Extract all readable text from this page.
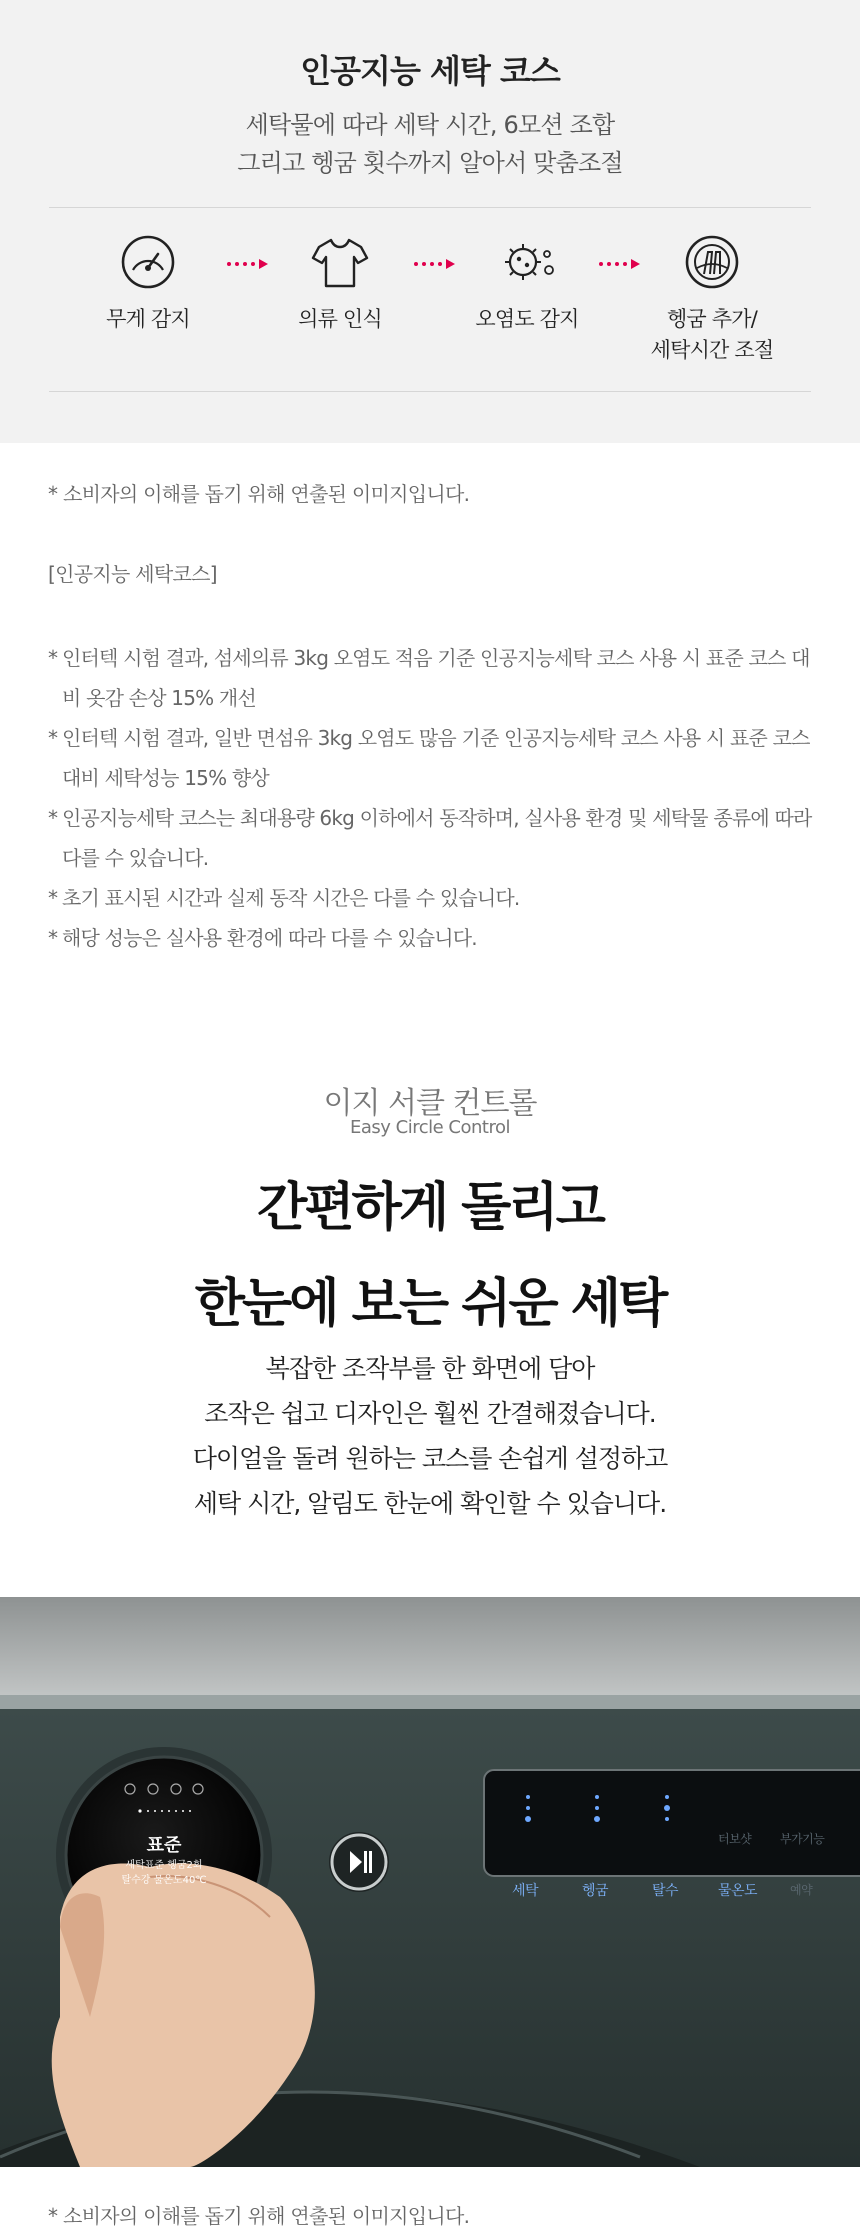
인공지능 세탁 코스
세탁물에 따라 세탁 시간, 6모션 조합
그리고 헹굼 횟수까지 알아서 맞춤조절
무게 감지	의류 인식	오염도 감지	헹굼 추가/
세탁시간 조절
* 소비자의 이해를 돕기 위해 연출된 이미지입니다.
[인공지능 세탁코스]
* 인터텍 시험 결과, 섬세의류 3kg 오염도 적음 기준 인공지능세탁 코스 사용 시 표준 코스 대비 옷감 손상 15% 개선
* 인터텍 시험 결과, 일반 면섬유 3kg 오염도 많음 기준 인공지능세탁 코스 사용 시 표준 코스 대비 세탁성능 15% 향상
* 인공지능세탁 코스는 최대용량 6kg 이하에서 동작하며, 실사용 환경 및 세탁물 종류에 따라 다를 수 있습니다.
* 초기 표시된 시간과 실제 동작 시간은 다를 수 있습니다.
* 해당 성능은 실사용 환경에 따라 다를 수 있습니다.
이지 서클 컨트롤
Easy Circle Control
간편하게 돌리고
한눈에 보는 쉬운 세탁
복잡한 조작부를 한 화면에 담아
조작은 쉽고 디자인은 훨씬 간결해졌습니다.
다이얼을 돌려 원하는 코스를 손쉽게 설정하고
세탁 시간, 알림도 한눈에 확인할 수 있습니다.
표준
세탁표준 헹굼2회
탈수강 물온도40℃
세탁	헹굼	탈수	물온도
터보샷 부가기능
예약
* 소비자의 이해를 돕기 위해 연출된 이미지입니다.
